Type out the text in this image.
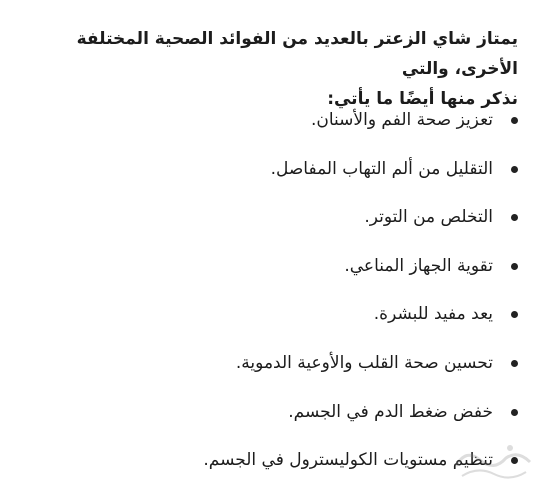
يمتاز شاي الزعتر بالعديد من الفوائد الصحية المختلفة الأخرى، والتي
نذكر منها أيضًا ما يأتي:

تعزيز صحة الفم والأسنان.
التقليل من ألم التهاب المفاصل.
التخلص من التوتر.
تقوية الجهاز المناعي.
يعد مفيد للبشرة.
تحسين صحة القلب والأوعية الدموية.
خفض ضغط الدم في الجسم.
تنظيم مستويات الكوليسترول في الجسم.
